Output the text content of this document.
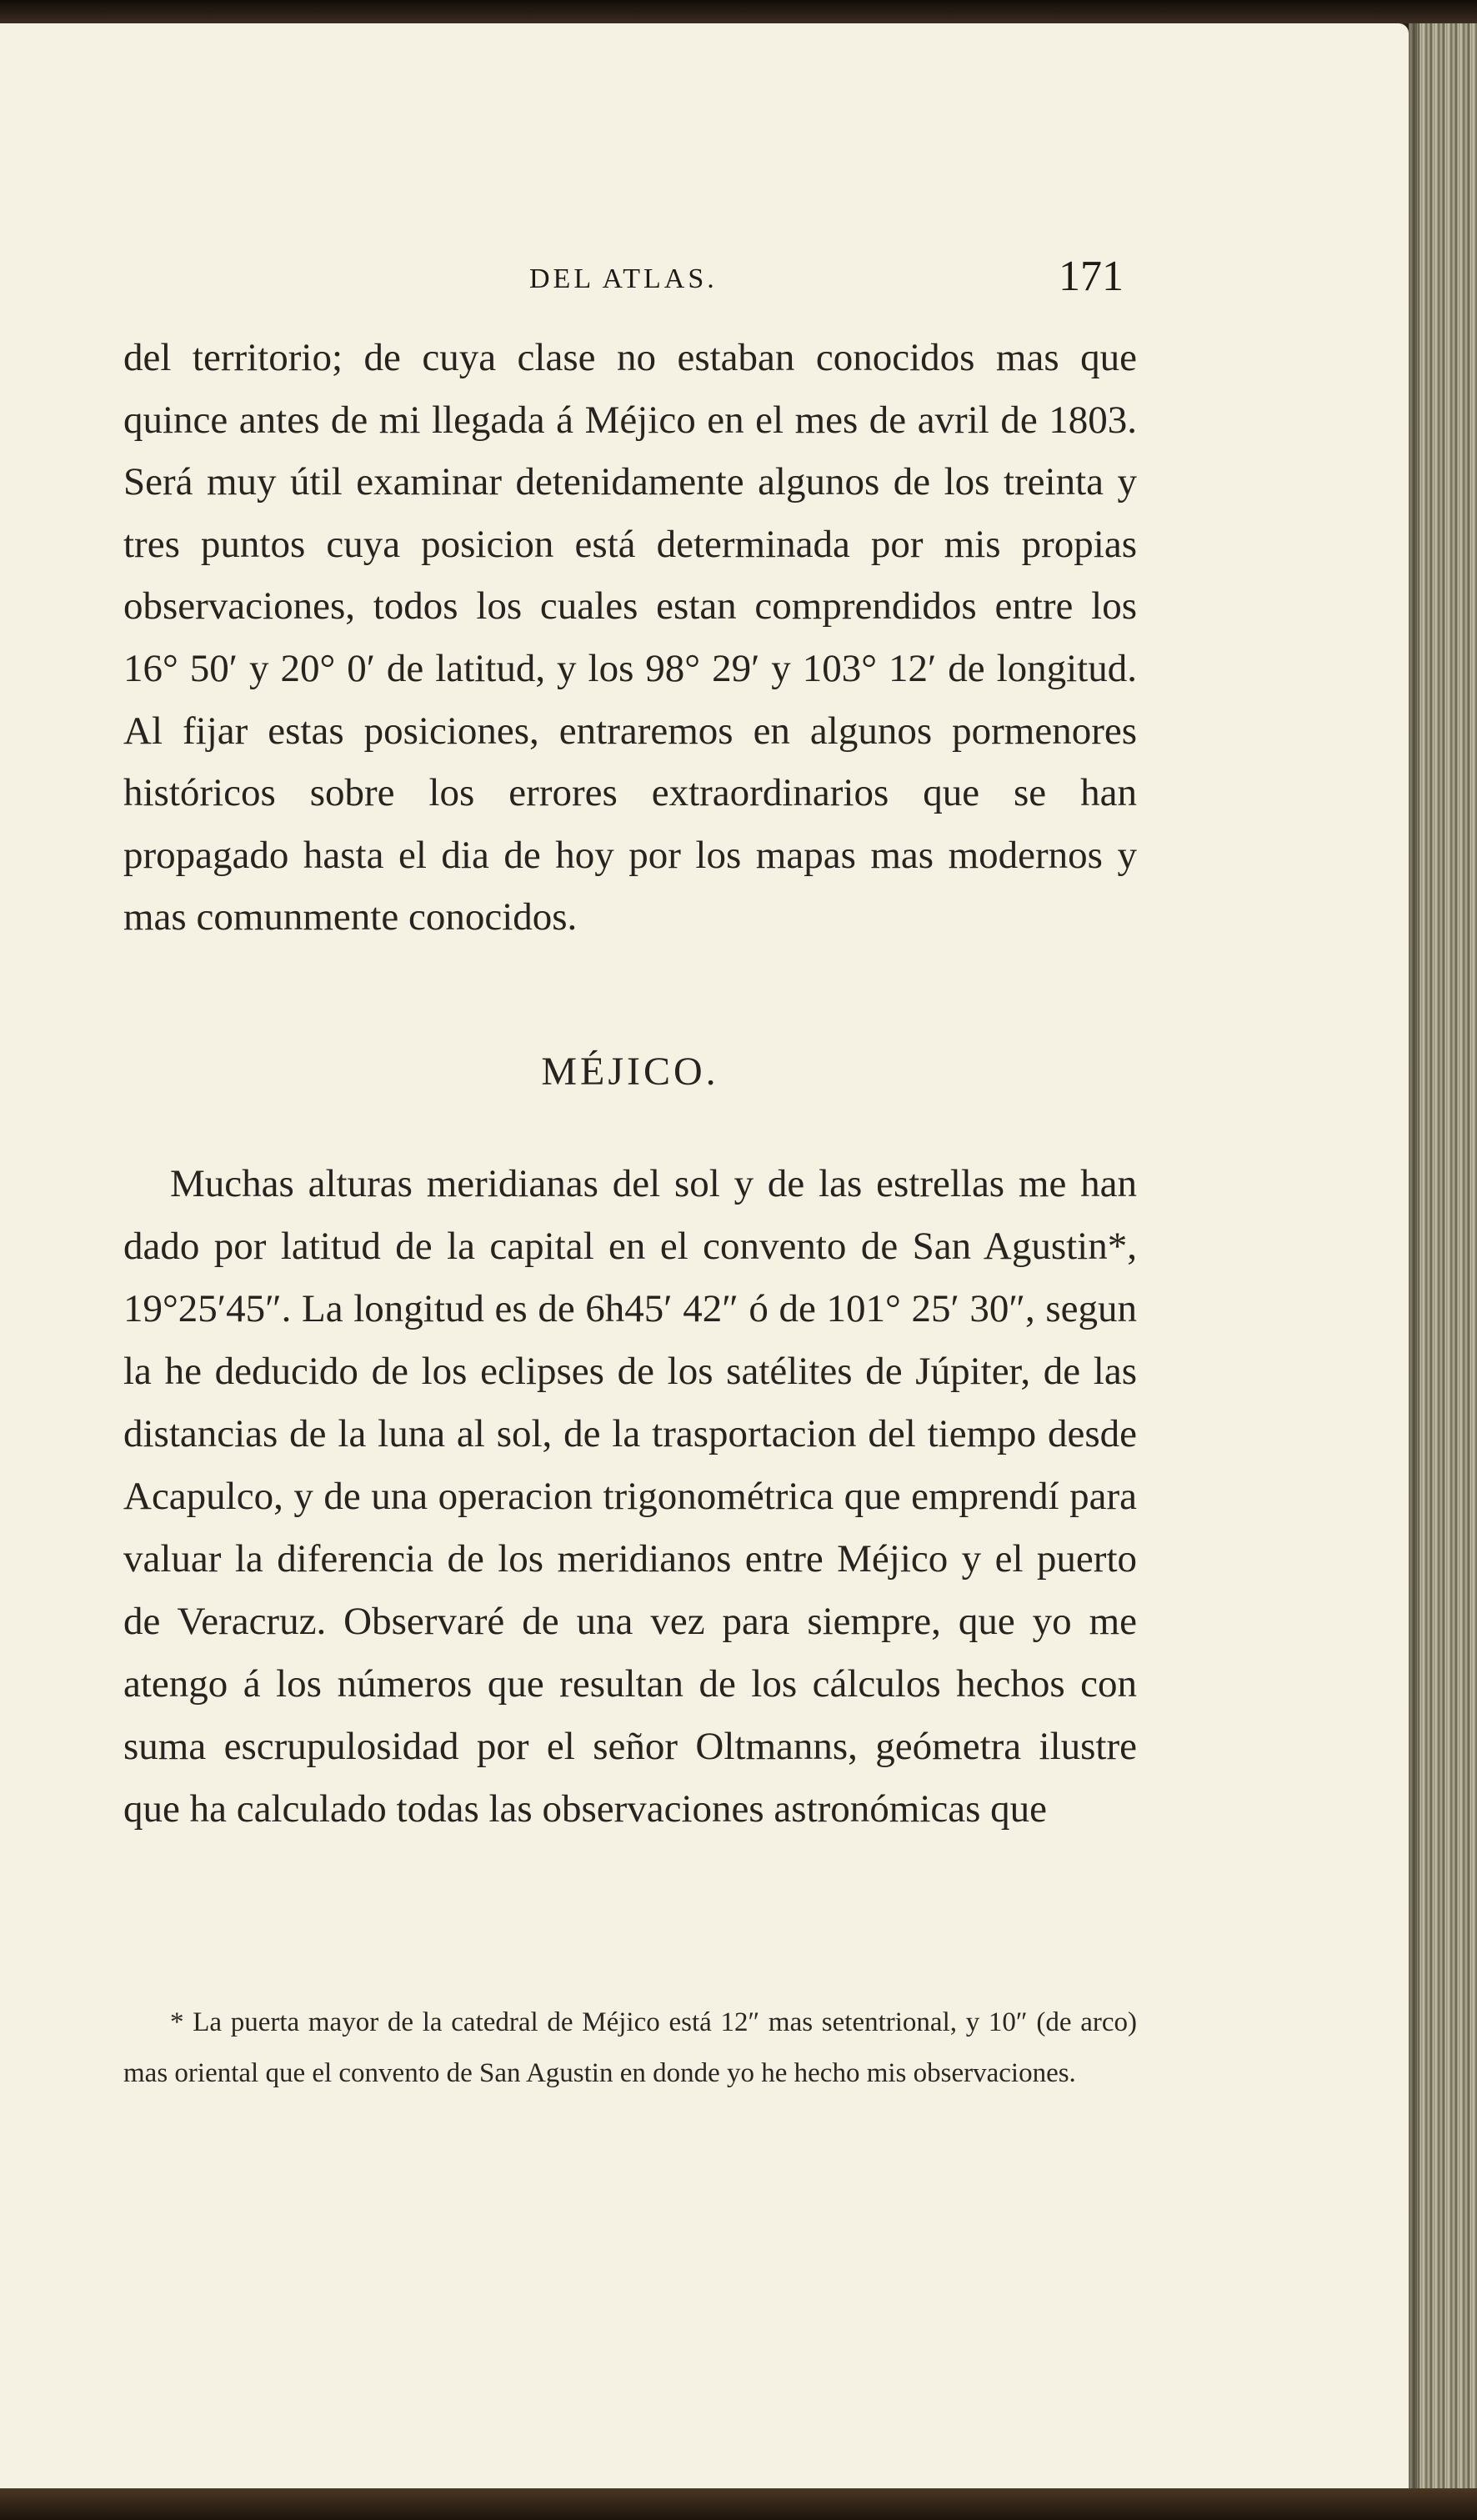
DEL ATLAS.	171

del territorio; de cuya clase no estaban conocidos mas que quince antes de mi llegada á Méjico en el mes de avril de 1803. Será muy útil examinar detenidamente algunos de los treinta y tres puntos cuya posicion está determinada por mis propias observaciones, todos los cuales estan comprendidos entre los 16° 50′ y 20° 0′ de latitud, y los 98° 29′ y 103° 12′ de longitud. Al fijar estas posiciones, entraremos en algunos pormenores históricos sobre los errores extraordinarios que se han propagado hasta el dia de hoy por los mapas mas modernos y mas comunmente conocidos.

MÉJICO.

Muchas alturas meridianas del sol y de las estrellas me han dado por latitud de la capital en el convento de San Agustin*, 19°25′45″. La longitud es de 6h45′ 42″ ó de 101° 25′ 30″, segun la he deducido de los eclipses de los satélites de Júpiter, de las distancias de la luna al sol, de la trasportacion del tiempo desde Acapulco, y de una operacion trigonométrica que emprendí para valuar la diferencia de los meridianos entre Méjico y el puerto de Veracruz. Observaré de una vez para siempre, que yo me atengo á los números que resultan de los cálculos hechos con suma escrupulosidad por el señor Oltmanns, geómetra ilustre que ha calculado todas las observaciones astronómicas que

* La puerta mayor de la catedral de Méjico está 12″ mas setentrional, y 10″ (de arco) mas oriental que el convento de San Agustin en donde yo he hecho mis observaciones.
